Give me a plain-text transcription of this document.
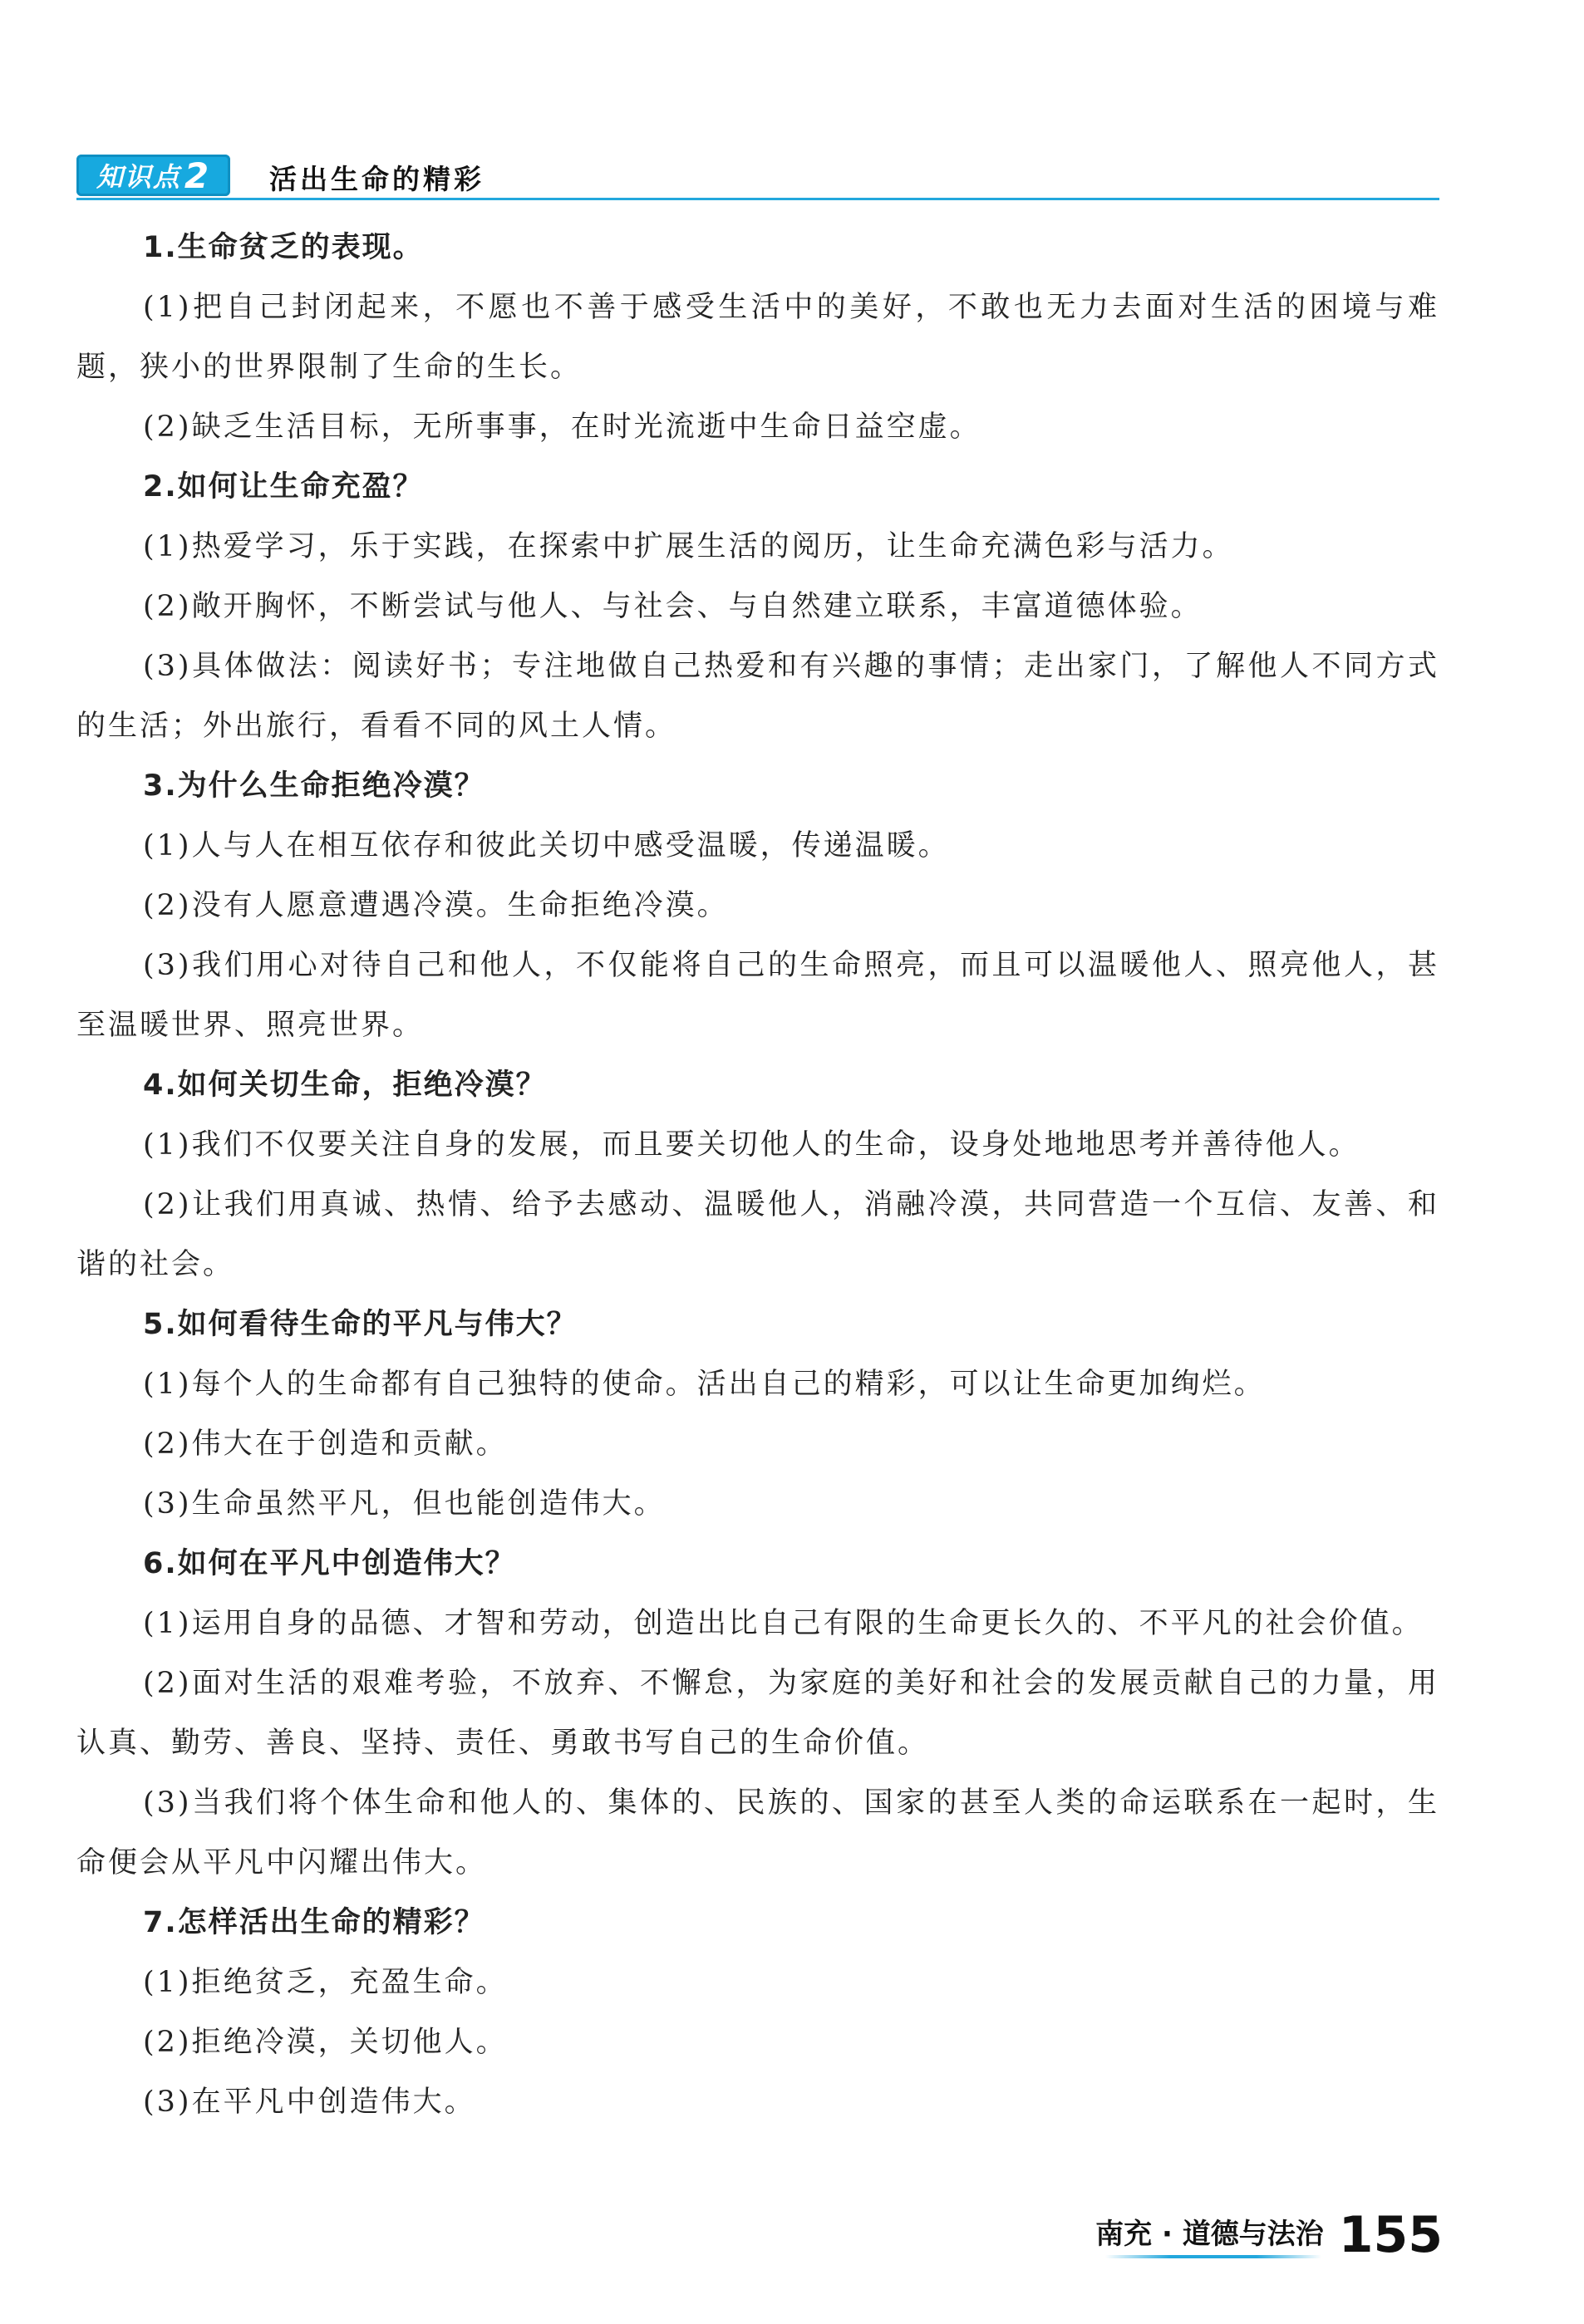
知识点 2 活出生命的精彩

1.生命贫乏的表现。

(1)把自己封闭起来，不愿也不善于感受生活中的美好，不敢也无力去面对生活的困境与难题，狭小的世界限制了生命的生长。

(2)缺乏生活目标，无所事事，在时光流逝中生命日益空虚。

2.如何让生命充盈？

(1)热爱学习，乐于实践，在探索中扩展生活的阅历，让生命充满色彩与活力。

(2)敞开胸怀，不断尝试与他人、与社会、与自然建立联系，丰富道德体验。

(3)具体做法：阅读好书；专注地做自己热爱和有兴趣的事情；走出家门，了解他人不同方式的生活；外出旅行，看看不同的风土人情。

3.为什么生命拒绝冷漠？

(1)人与人在相互依存和彼此关切中感受温暖，传递温暖。

(2)没有人愿意遭遇冷漠。生命拒绝冷漠。

(3)我们用心对待自己和他人，不仅能将自己的生命照亮，而且可以温暖他人、照亮他人，甚至温暖世界、照亮世界。

4.如何关切生命，拒绝冷漠？

(1)我们不仅要关注自身的发展，而且要关切他人的生命，设身处地地思考并善待他人。

(2)让我们用真诚、热情、给予去感动、温暖他人，消融冷漠，共同营造一个互信、友善、和谐的社会。

5.如何看待生命的平凡与伟大？

(1)每个人的生命都有自己独特的使命。活出自己的精彩，可以让生命更加绚烂。

(2)伟大在于创造和贡献。

(3)生命虽然平凡，但也能创造伟大。

6.如何在平凡中创造伟大？

(1)运用自身的品德、才智和劳动，创造出比自己有限的生命更长久的、不平凡的社会价值。

(2)面对生活的艰难考验，不放弃、不懈怠，为家庭的美好和社会的发展贡献自己的力量，用认真、勤劳、善良、坚持、责任、勇敢书写自己的生命价值。

(3)当我们将个体生命和他人的、集体的、民族的、国家的甚至人类的命运联系在一起时，生命便会从平凡中闪耀出伟大。

7.怎样活出生命的精彩？

(1)拒绝贫乏，充盈生命。

(2)拒绝冷漠，关切他人。

(3)在平凡中创造伟大。

南充 · 道德与法治 155
